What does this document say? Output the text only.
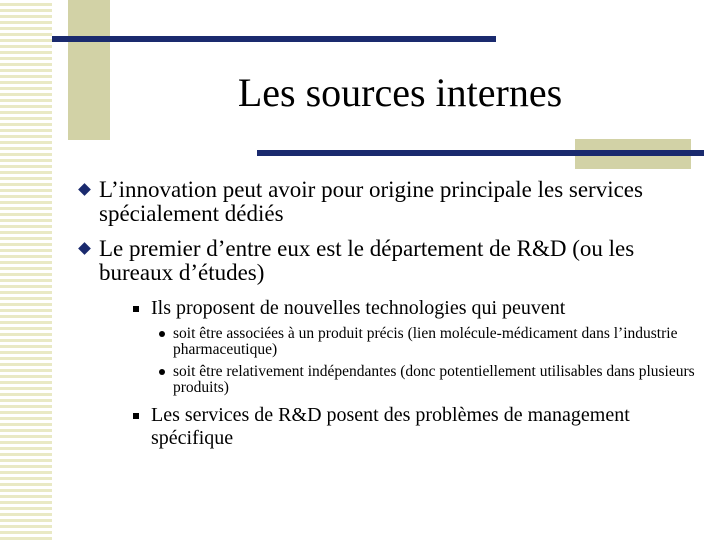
Les sources internes
L’innovation peut avoir pour origine principale les services spécialement dédiés
Le premier d’entre eux est le département de R&D (ou les bureaux d’études)
Ils proposent de nouvelles technologies qui peuvent
soit être associées à un produit précis (lien molécule-médicament dans l’industrie pharmaceutique)
soit être relativement indépendantes (donc potentiellement utilisables dans plusieurs produits)
Les services de R&D posent des problèmes de management spécifique
